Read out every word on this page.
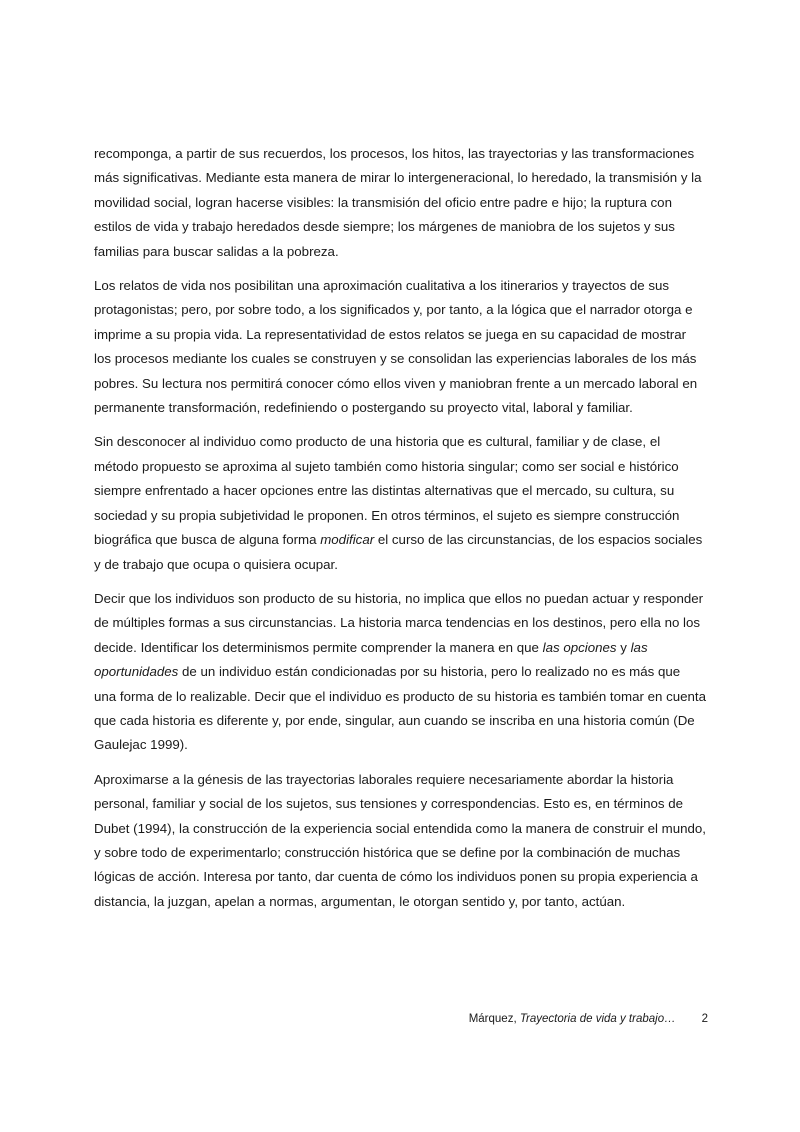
recomponga, a partir de sus recuerdos, los procesos, los hitos, las trayectorias y las transformaciones más significativas. Mediante esta manera de mirar lo intergeneracional, lo heredado, la transmisión y la movilidad social, logran hacerse visibles: la transmisión del oficio entre padre e hijo; la ruptura con estilos de vida y trabajo heredados desde siempre; los márgenes de maniobra de los sujetos y sus familias para buscar salidas a la pobreza.

Los relatos de vida nos posibilitan una aproximación cualitativa a los itinerarios y trayectos de sus protagonistas; pero, por sobre todo, a los significados y, por tanto, a la lógica que el narrador otorga e imprime a su propia vida. La representatividad de estos relatos se juega en su capacidad de mostrar los procesos mediante los cuales se construyen y se consolidan las experiencias laborales de los más pobres. Su lectura nos permitirá conocer cómo ellos viven y maniobran frente a un mercado laboral en permanente transformación, redefiniendo o postergando su proyecto vital, laboral y familiar.

Sin desconocer al individuo como producto de una historia que es cultural, familiar y de clase, el método propuesto se aproxima al sujeto también como historia singular; como ser social e histórico siempre enfrentado a hacer opciones entre las distintas alternativas que el mercado, su cultura, su sociedad y su propia subjetividad le proponen. En otros términos, el sujeto es siempre construcción biográfica que busca de alguna forma modificar el curso de las circunstancias, de los espacios sociales y de trabajo que ocupa o quisiera ocupar.

Decir que los individuos son producto de su historia, no implica que ellos no puedan actuar y responder de múltiples formas a sus circunstancias. La historia marca tendencias en los destinos, pero ella no los decide. Identificar los determinismos permite comprender la manera en que las opciones y las oportunidades de un individuo están condicionadas por su historia, pero lo realizado no es más que una forma de lo realizable. Decir que el individuo es producto de su historia es también tomar en cuenta que cada historia es diferente y, por ende, singular, aun cuando se inscriba en una historia común (De Gaulejac 1999).

Aproximarse a la génesis de las trayectorias laborales requiere necesariamente abordar la historia personal, familiar y social de los sujetos, sus tensiones y correspondencias. Esto es, en términos de Dubet (1994), la construcción de la experiencia social entendida como la manera de construir el mundo, y sobre todo de experimentarlo; construcción histórica que se define por la combinación de muchas lógicas de acción. Interesa por tanto, dar cuenta de cómo los individuos ponen su propia experiencia a distancia, la juzgan, apelan a normas, argumentan, le otorgan sentido y, por tanto, actúan.

Márquez, Trayectoria de vida y trabajo… 2
